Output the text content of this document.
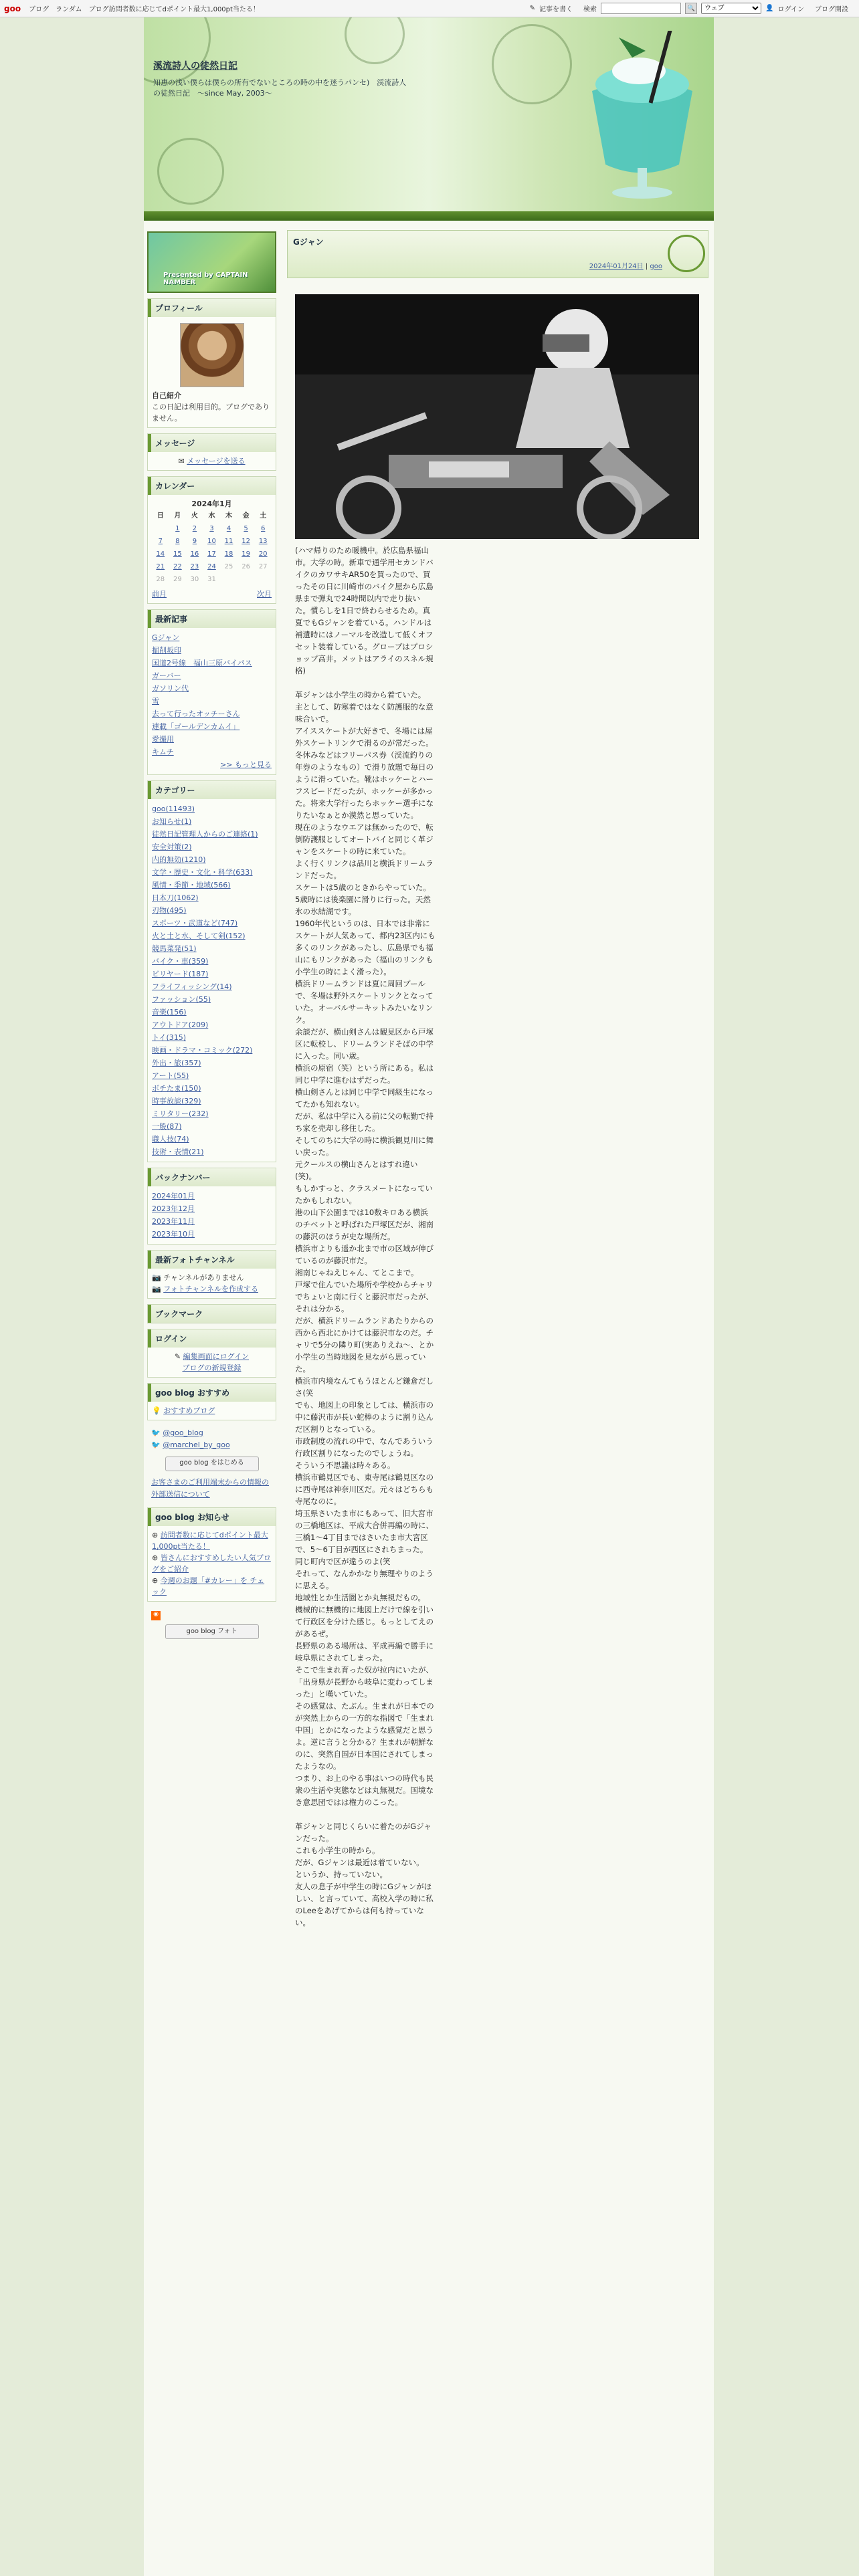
goo ブログ ランダム ブログ訪問者数に応じてdポイント最大1,000pt当たる！	✎ 記事を書く 検索	🔍
ウェブ	👤 ログイン ブログ開設
溪流詩人の徒然日記
知恵の浅い僕らは僕らの所有でないところの時の中を迷うパンセ)　渓流詩人の徒然日記　～since May, 2003～
Presented by CAPTAIN NAMBER
プロフィール
自己紹介
この日記は利用目的。ブログでありません。
メッセージ
✉ メッセージを送る
カレンダー
2024年1月
日	月	火	水	木	金	土
	1	2	3	4	5	6
7	8	9	10	11	12	13
14	15	16	17	18	19	20
21	22	23	24	25	26	27
28	29	30	31			
前月	次月
最新記事
Gジャン
掘削坂印
国道2号線　福山三原バイパス
ガーバー
ガソリン代
雪
去って行ったオッチーさん
連載「ゴールデンカムイ」
愛撮用
キムチ
>> もっと見る
カテゴリー
goo(11493)
お知らせ(1)
徒然日記管理人からのご連絡(1)
安全対策(2)
内的無効(1210)
文学・歴史・文化・科学(633)
風情・季節・地域(566)
日本刀(1062)
刃物(495)
スポーツ・武道など(747)
火と土と水、そして剣(152)
競馬菜発(51)
バイク・車(359)
ビリヤード(187)
フライフィッシング(14)
ファッション(55)
音楽(156)
アウトドア(209)
トイ(315)
映画・ドラマ・コミック(272)
外出・旅(357)
アート(55)
ボチたま(150)
時事放談(329)
ミリタリー(232)
一般(87)
職人技(74)
技術・表情(21)
バックナンバー
2024年01月
2023年12月
2023年11月
2023年10月
最新フォトチャンネル
📷 チャンネルがありません
📷 フォトチャンネルを作成する
ブックマーク
ログイン
✎ 編集画面にログイン
ブログの新規登録
goo blog おすすめ
💡 おすすめブログ
🐦 @goo_blog
🐦 @marchel_by_goo
goo blog をはじめる
お客さまのご利用端末からの情報の外部送信について
goo blog お知らせ
⊕ 訪問者数に応じてdポイント最大1,000pt当たる！
⊕ 皆さんにおすすめしたい人気ブログをご紹介
⊕ 今週のお題「#カレー」を チェック
◉
goo blog フォト
Gジャン
2024年01月24日 | goo

(ハマ帰りのため暖機中。於広島県福山市。大学の時。新車で通学用セカンドバイクのカワサキAR50を買ったので、買ったその日に川崎市のバイク屋から広島県まで弾丸で24時間以内で走り抜いた。慣らしを1日で終わらせるため。真夏でもGジャンを着ている。ハンドルは補遺時にはノーマルを改造して低くオフセット装着している。グローブはプロショップ高井。メットはアライのスネル規格)

革ジャンは小学生の時から着ていた。

主として、防寒着ではなく防護服的な意味合いで。

アイススケートが大好きで、冬場には屋外スケートリンクで滑るのが常だった。

冬休みなどはフリーパス券（渓流釣りの年券のようなもの）で滑り放題で毎日のように滑っていた。靴はホッケーとハーフスピードだったが、ホッケーが多かった。将来大学行ったらホッケー選手になりたいなぁとか漠然と思っていた。

現在のようなウエアは無かったので、転倒防護服としてオートバイと同じく革ジャンをスケートの時に来ていた。

よく行くリンクは品川と横浜ドリームランドだった。

スケートは5歳のときからやっていた。5歳時には後楽園に滑りに行った。天然氷の氷結湖です。

1960年代というのは、日本では非常にスケートが人気あって、都内23区内にも多くのリンクがあったし、広島県でも福山にもリンクがあった（福山のリンクも小学生の時によく滑った）。

横浜ドリームランドは夏に周回プールで、冬場は野外スケートリンクとなっていた。オーバルサーキットみたいなリンク。

余談だが、横山剣さんは観見区から戸塚区に転校し、ドリームランドそばの中学に入った。同い歳。

横浜の原宿（笑）という所にある。私は同じ中学に進むはずだった。

横山剣さんとは同じ中学で同級生になってたかも知れない。

だが、私は中学に入る前に父の転勤で持ち家を売却し移住した。

そしてのちに大学の時に横浜観見川に舞い戻った。

元クールスの横山さんとはすれ違い(笑)。

もしかすっと、クラスメートになっていたかもしれない。

港の山下公園までは10数キロある横浜のチベットと呼ばれた戸塚区だが、湘南の藤沢のほうが史な場所だ。

横浜市よりも遥か北まで市の区域が伸びているのが藤沢市だ。

湘南じゃねえじゃん、てとこまで。

戸塚で住んでいた場所や学校からチャリでちょいと南に行くと藤沢市だったが、それは分かる。

だが、横浜ドリームランドあたりからの西から西北にかけては藤沢市なのだ。チャリで5分の隣り町(実ありえね〜、とか小学生の当時地図を見ながら思っていた。

横浜市内境なんてもうほとんど鎌倉だしさ(笑

でも、地図上の印象としては、横浜市の中に藤沢市が長い蛇棒のように割り込んだ区割りとなっている。

市政制度の流れの中で、なんであういう行政区割りになったのでしょうね。

そういう不思議は時々ある。

横浜市鶴見区でも、東寺尾は鶴見区なのに西寺尾は神奈川区だ。元々はどちらも寺尾なのに。

埼玉県さいたま市にもあって、旧大宮市の三橋地区は、平成大合併再編の時に、三橋1〜4丁目まではさいたま市大宮区で、5〜6丁目が西区にされちまった。

同じ町内で区が違うのよ(笑

それって、なんかかなり無理やりのように思える。

地域性とか生活圏とか丸無視だもの。

機械的に無機的に地図上だけで線を引いて行政区を分けた感じ。もっとしてえのがあるぜ。

長野県のある場所は、平成再編で勝手に岐阜県にされてしまった。

そこで生まれ育った奴が拉内にいたが、「出身県が長野から岐阜に変わってしまった」と嘆いていた。

その感覚は、たぶん。生まれが日本でのが突然上からの一方的な指図で「生まれ中国」とかになったような感覚だと思うよ。逆に言うと分かる？生まれが朝鮮なのに、突然自国が日本国にされてしまったようなの。

つまり、お上のやる事はいつの時代も民衆の生活や実態などは丸無視だ。国境なき意思団ではは権力のこった。

革ジャンと同じくらいに着たのがGジャンだった。

これも小学生の時から。

だが、Gジャンは最近は着ていない。

というか、持っていない。

友人の息子が中学生の時にGジャンがほしい、と言っていて、高校入学の時に私のLeeをあげてからは何も持っていない。
